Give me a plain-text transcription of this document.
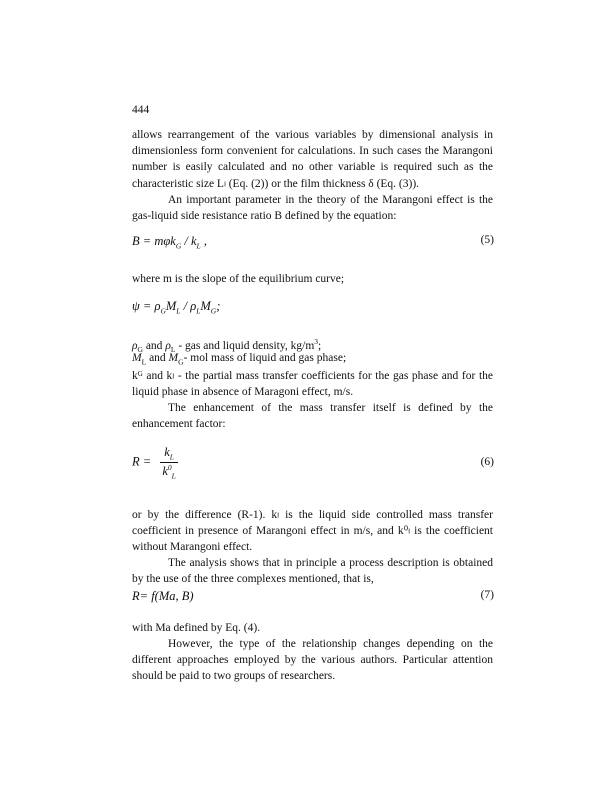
444

allows rearrangement of the various variables by dimensional analysis in dimensionless form convenient for calculations. In such cases the Marangoni number is easily calculated and no other variable is required such as the characteristic size Lₗ (Eq. (2)) or the film thickness δ (Eq. (3)).

An important parameter in the theory of the Marangoni effect is the gas-liquid side resistance ratio B defined by the equation:

$B = m\varphi k_G / k_L$ ,	(5)

where m is the slope of the equilibrium curve;

$\psi = \rho_GM_L / \rho_LM_G$;

$\rho_G$ and $\rho_L$ - gas and liquid density, $kg/m^3$;

$M_L$ and $M_G-$ mol mass of liquid and gas phase;

kᴳ and kₗ - the partial mass transfer coefficients for the gas phase and for the liquid phase in absence of Maragoni effect, m/s.

The enhancement of the mass transfer itself is defined by the enhancement factor:

$R = \frac{k_L}{k^0_L}$	(6)

or by the difference (R-1). kₗ is the liquid side controlled mass transfer coefficient in presence of Marangoni effect in m/s, and k⁰ₗ is the coefficient without Marangoni effect.

The analysis shows that in principle a process description is obtained by the use of the three complexes mentioned, that is,

R= f(Ma, B)	(7)

with Ma defined by Eq. (4).

However, the type of the relationship changes depending on the different approaches employed by the various authors. Particular attention should be paid to two groups of researchers.
